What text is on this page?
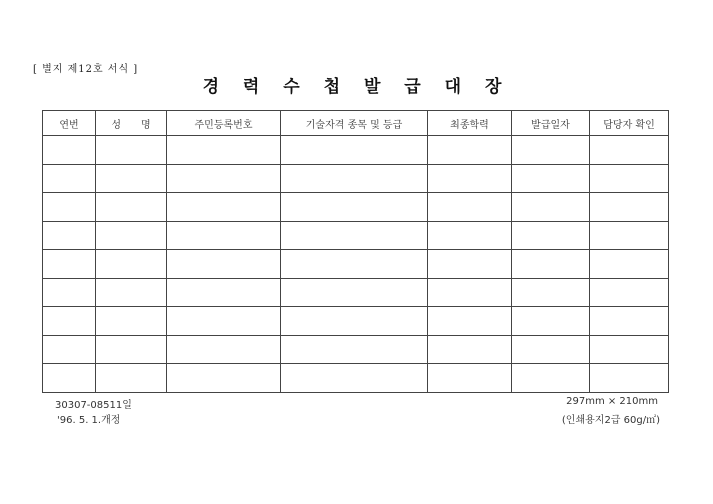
[ 별지 제12호 서식 ]
경 력 수 첩 발 급 대 장
연번	성　　명	주민등록번호	기술자격 종목 및 등급	최종학력	발급일자	담당자 확인

30307-08511일
'96. 5. 1.개정
297mm × 210mm
(인쇄용지2급 60g/㎡)
